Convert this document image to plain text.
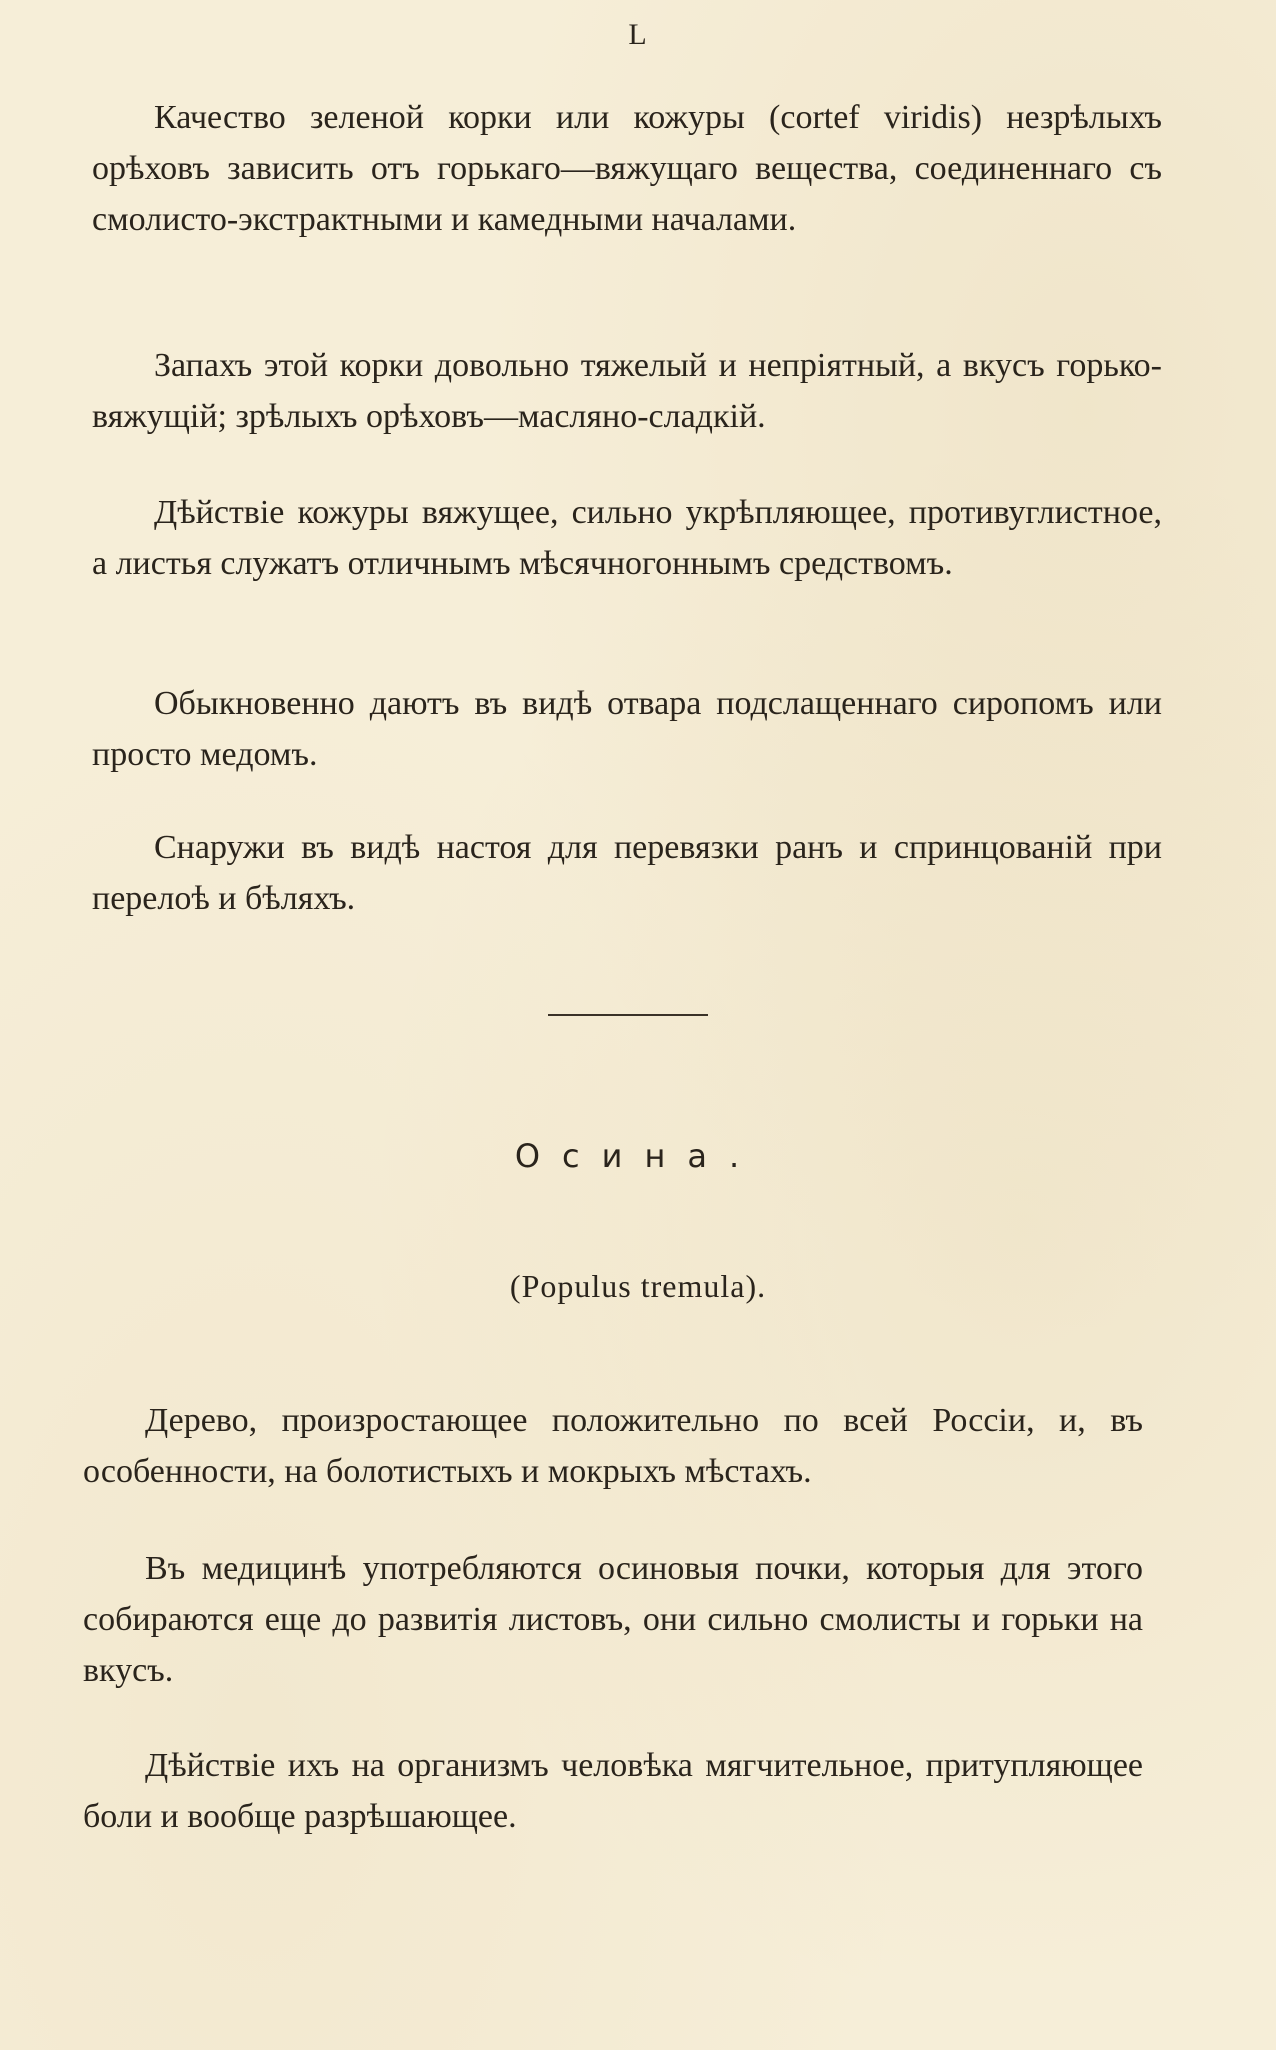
L

Качество зеленой корки или кожуры (cortef viridis) незрѣлыхъ орѣховъ зависить отъ горькаго—вяжущаго вещества, соединеннаго съ смолисто-экстрактными и камедными началами.

Запахъ этой корки довольно тяжелый и непріятный, а вкусъ горько-вяжущій; зрѣлыхъ орѣховъ—масляно-сладкій.

Дѣйствіе кожуры вяжущее, сильно укрѣпляющее, противуглистное, а листья служатъ отличнымъ мѣсячногоннымъ средствомъ.

Обыкновенно даютъ въ видѣ отвара подслащеннаго сиропомъ или просто медомъ.

Снаружи въ видѣ настоя для перевязки ранъ и спринцованій при перелоѣ и бѣляхъ.

Осина.
(Populus tremula).

Дерево, произростающее положительно по всей Россіи, и, въ особенности, на болотистыхъ и мокрыхъ мѣстахъ.

Въ медицинѣ употребляются осиновыя почки, которыя для этого собираются еще до развитія листовъ, они сильно смолисты и горьки на вкусъ.

Дѣйствіе ихъ на организмъ человѣка мягчительное, притупляющее боли и вообще разрѣшающее.
